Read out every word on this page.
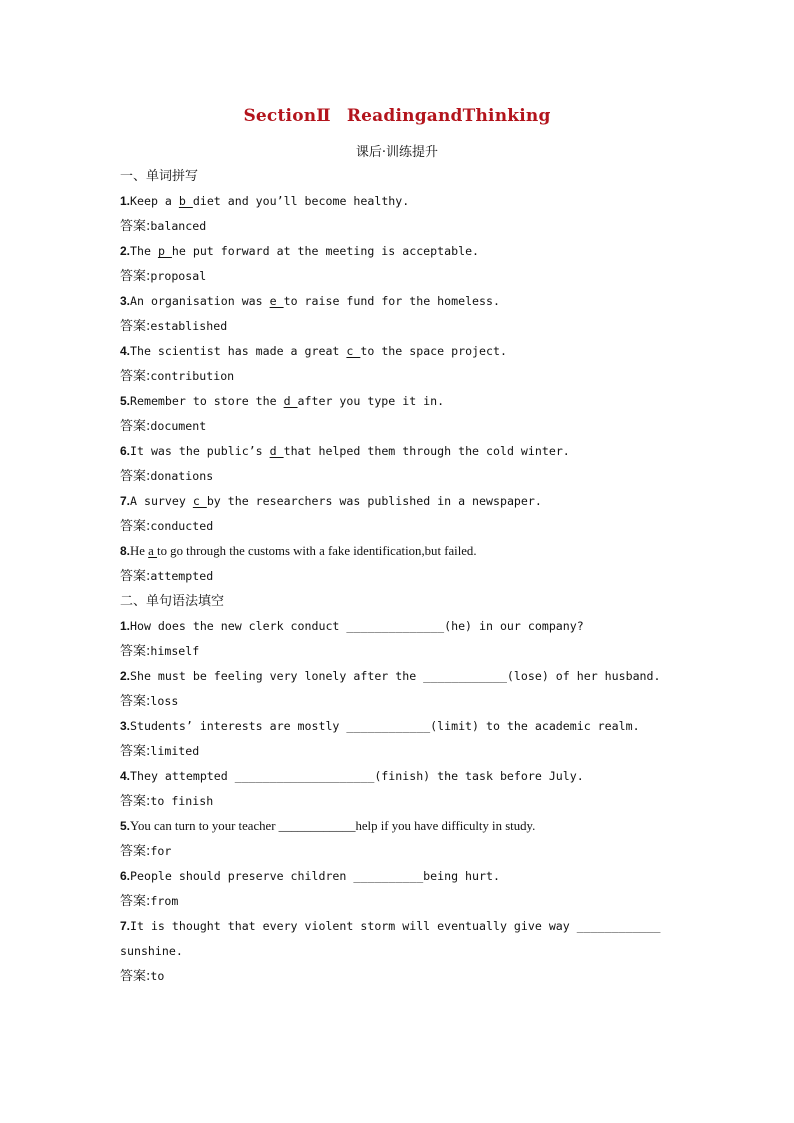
SectionⅡ ReadingandThinking
课后·训练提升
一、单词拼写
1.Keep a b diet and you’ll become healthy.
答案:balanced
2.The p he put forward at the meeting is acceptable.
答案:proposal
3.An organisation was e to raise fund for the homeless.
答案:established
4.The scientist has made a great c to the space project.
答案:contribution
5.Remember to store the d after you type it in.
答案:document
6.It was the public’s d that helped them through the cold winter.
答案:donations
7.A survey c by the researchers was published in a newspaper.
答案:conducted
8.He a to go through the customs with a fake identification,but failed.
答案:attempted
二、单句语法填空
1.How does the new clerk conduct ______________(he) in our company?
答案:himself
2.She must be feeling very lonely after the ____________(lose) of her husband.
答案:loss
3.Students’ interests are mostly ____________(limit) to the academic realm.
答案:limited
4.They attempted ____________________(finish) the task before July.
答案:to finish
5.You can turn to your teacher ____________help if you have difficulty in study.
答案:for
6.People should preserve children __________being hurt.
答案:from
7.It is thought that every violent storm will eventually give way ____________ sunshine.
答案:to
